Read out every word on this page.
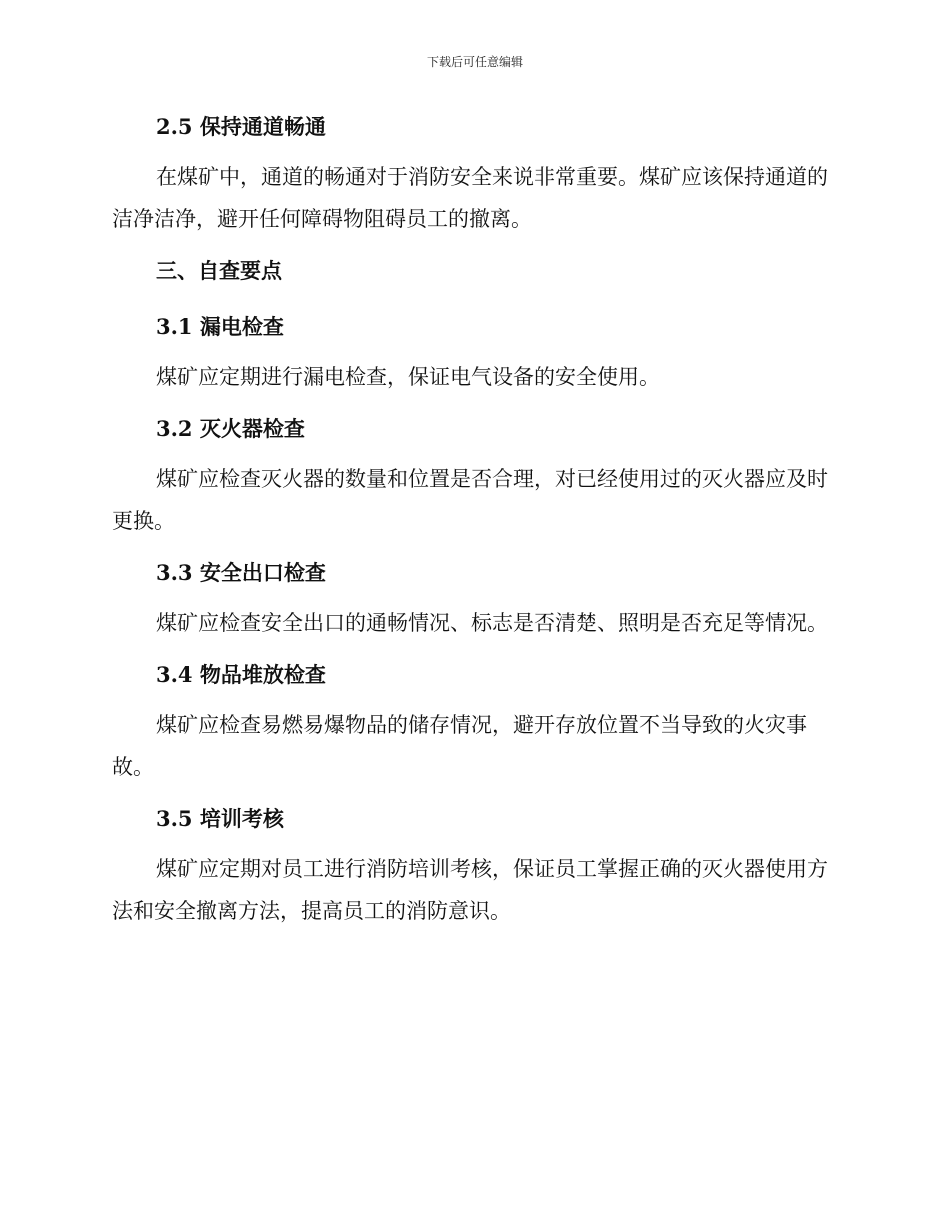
下载后可任意编辑
2.5 保持通道畅通

在煤矿中，通道的畅通对于消防安全来说非常重要。煤矿应该保持通道的洁净洁净，避开任何障碍物阻碍员工的撤离。

三、自查要点
3.1 漏电检查

煤矿应定期进行漏电检查，保证电气设备的安全使用。

3.2 灭火器检查

煤矿应检查灭火器的数量和位置是否合理，对已经使用过的灭火器应及时更换。

3.3 安全出口检查

煤矿应检查安全出口的通畅情况、标志是否清楚、照明是否充足等情况。

3.4 物品堆放检查

煤矿应检查易燃易爆物品的储存情况，避开存放位置不当导致的火灾事故。

3.5 培训考核

煤矿应定期对员工进行消防培训考核，保证员工掌握正确的灭火器使用方法和安全撤离方法，提高员工的消防意识。
